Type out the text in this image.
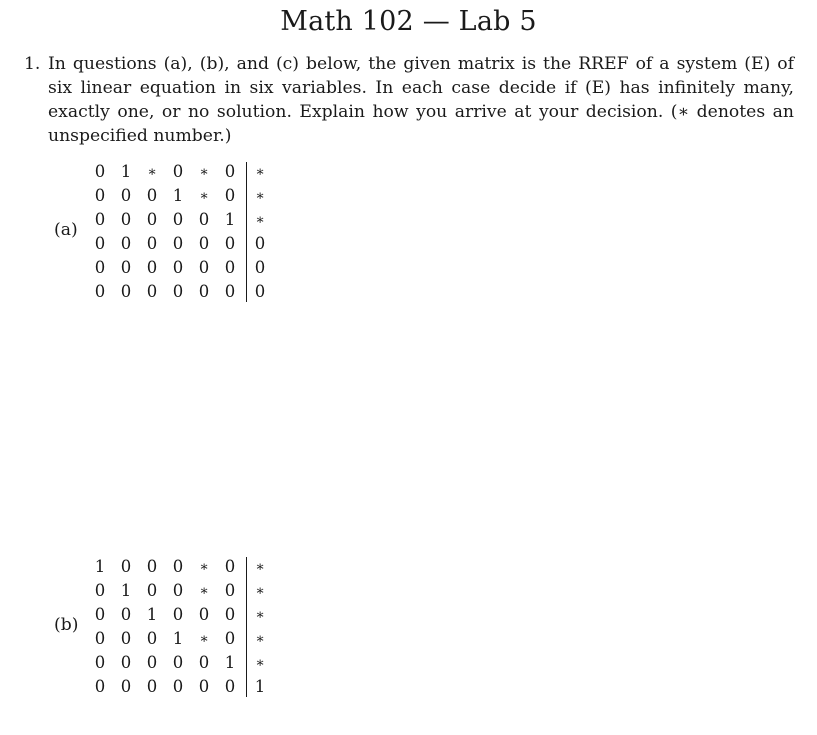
Math 102 — Lab 5
1. In questions (a), (b), and (c) below, the given matrix is the RREF of a system (E) of six linear equation in six variables. In each case decide if (E) has infinitely many, exactly one, or no solution. Explain how you arrive at your decision. (∗ denotes an unspecified number.)
(a)
0 1	∗ 0	∗ 0	∗
0 0 0 1	∗ 0	∗
0 0 0 0 0 1	∗
0 0 0 0 0 0	0
0 0 0 0 0 0	0
0 0 0 0 0 0	0
(b)
1 0 0 0	∗ 0	∗
0 1 0 0	∗ 0	∗
0 0 1 0 0 0	∗
0 0 0 1	∗ 0	∗
0 0 0 0 0 1	∗
0 0 0 0 0 0	1
